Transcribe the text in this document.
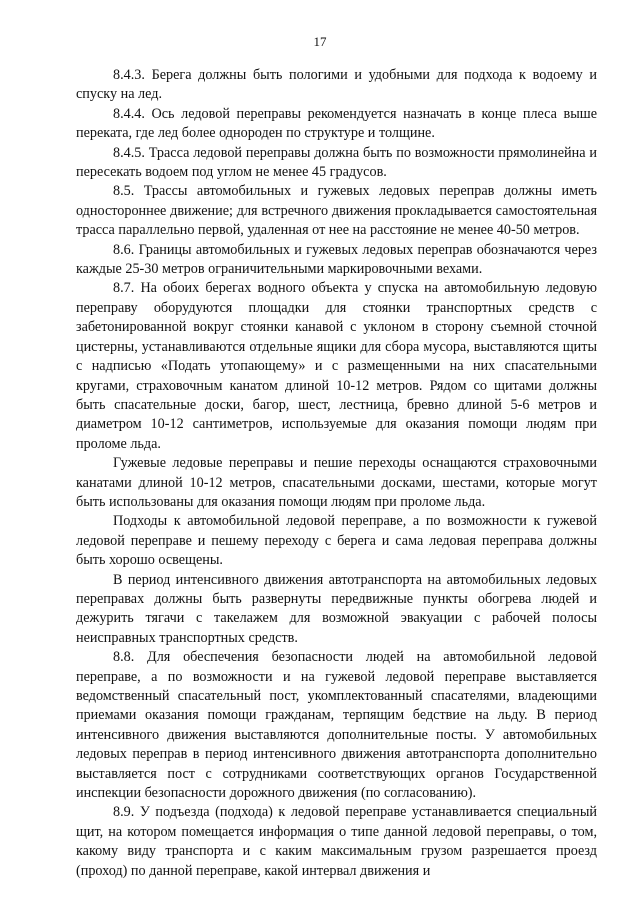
17

8.4.3. Берега должны быть пологими и удобными для подхода к водоему и спуску на лед.

8.4.4. Ось ледовой переправы рекомендуется назначать в конце плеса выше переката, где лед более однороден по структуре и толщине.

8.4.5. Трасса ледовой переправы должна быть по возможности прямолинейна и пересекать водоем под углом не менее 45 градусов.

8.5. Трассы автомобильных и гужевых ледовых переправ должны иметь одностороннее движение; для встречного движения прокладывается самостоятельная трасса параллельно первой, удаленная от нее на расстояние не менее 40-50 метров.

8.6. Границы автомобильных и гужевых ледовых переправ обозначаются через каждые 25-30 метров ограничительными маркировочными вехами.

8.7. На обоих берегах водного объекта у спуска на автомобильную ледовую переправу оборудуются площадки для стоянки транспортных средств с забетонированной вокруг стоянки канавой с уклоном в сторону съемной сточной цистерны, устанавливаются отдельные ящики для сбора мусора, выставляются щиты с надписью «Подать утопающему» и с размещенными на них спасательными кругами, страховочным канатом длиной 10-12 метров. Рядом со щитами должны быть спасательные доски, багор, шест, лестница, бревно длиной 5-6 метров и диаметром 10-12 сантиметров, используемые для оказания помощи людям при проломе льда.

Гужевые ледовые переправы и пешие переходы оснащаются страховочными канатами длиной 10-12 метров, спасательными досками, шестами, которые могут быть использованы для оказания помощи людям при проломе льда.

Подходы к автомобильной ледовой переправе, а по возможности к гужевой ледовой переправе и пешему переходу с берега и сама ледовая переправа должны быть хорошо освещены.

В период интенсивного движения автотранспорта на автомобильных ледовых переправах должны быть развернуты передвижные пункты обогрева людей и дежурить тягачи с такелажем для возможной эвакуации с рабочей полосы неисправных транспортных средств.

8.8. Для обеспечения безопасности людей на автомобильной ледовой переправе, а по возможности и на гужевой ледовой переправе выставляется ведомственный спасательный пост, укомплектованный спасателями, владеющими приемами оказания помощи гражданам, терпящим бедствие на льду. В период интенсивного движения выставляются дополнительные посты. У автомобильных ледовых переправ в период интенсивного движения автотранспорта дополнительно выставляется пост с сотрудниками соответствующих органов Государственной инспекции безопасности дорожного движения (по согласованию).

8.9. У подъезда (подхода) к ледовой переправе устанавливается специальный щит, на котором помещается информация о типе данной ледовой переправы, о том, какому виду транспорта и с каким максимальным грузом разрешается проезд (проход) по данной переправе, какой интервал движения и
